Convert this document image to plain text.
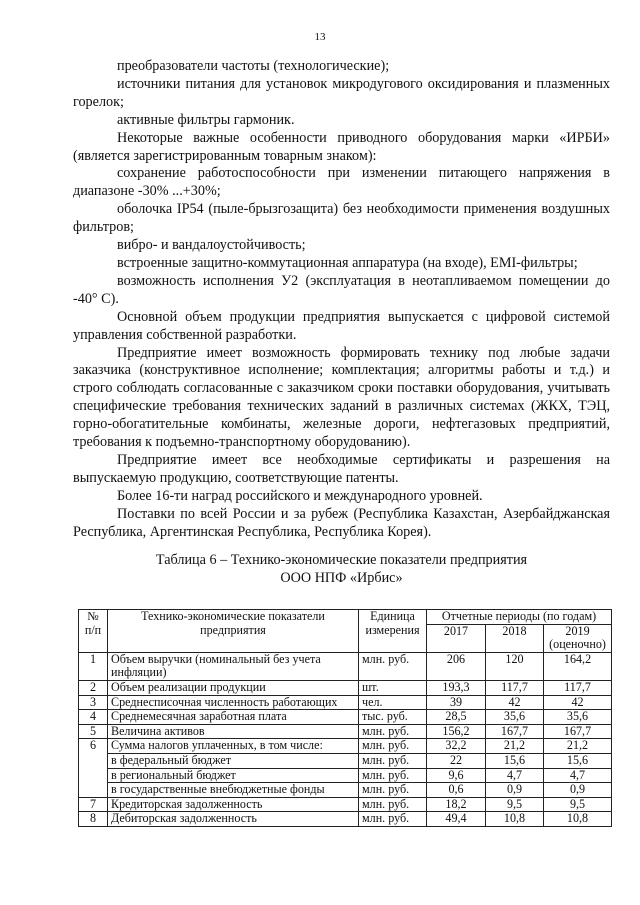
13

преобразователи частоты (технологические);

источники питания для установок микродугового оксидирования и плазменных горелок;

активные фильтры гармоник.

Некоторые важные особенности приводного оборудования марки «ИРБИ» (является зарегистрированным товарным знаком):

сохранение работоспособности при изменении питающего напряжения в диапазоне -30% ...+30%;

оболочка IP54 (пыле-брызгозащита) без необходимости применения воздушных фильтров;

вибро- и вандалоустойчивость;

встроенные защитно-коммутационная аппаратура (на входе), EMI-фильтры;

возможность исполнения У2 (эксплуатация в неотапливаемом помещении до -40° С).

Основной объем продукции предприятия выпускается с цифровой системой управления собственной разработки.

Предприятие имеет возможность формировать технику под любые задачи заказчика (конструктивное исполнение; комплектация; алгоритмы работы и т.д.) и строго соблюдать согласованные с заказчиком сроки поставки оборудования, учитывать специфические требования технических заданий в различных системах (ЖКХ, ТЭЦ, горно-обогатительные комбинаты, железные дороги, нефтегазовых предприятий, требования к подъемно-транспортному оборудованию).

Предприятие имеет все необходимые сертификаты и разрешения на выпускаемую продукцию, соответствующие патенты.

Более 16-ти наград российского и международного уровней.

Поставки по всей России и за рубеж (Республика Казахстан, Азербайджанская Республика, Аргентинская Республика, Республика Корея).

Таблица 6 – Технико-экономические показатели предприятия
ООО НПФ «Ирбис»
№ п/п	Технико-экономические показатели предприятия	Единица измерения	Отчетные периоды (по годам)		
			2017	2018	2019 (оценочно)
1	Объем выручки (номинальный без учета инфляции)	млн. руб.	206	120	164,2
2	Объем реализации продукции	шт.	193,3	117,7	117,7
3	Среднесписочная численность работающих	чел.	39	42	42
4	Среднемесячная заработная плата	тыс. руб.	28,5	35,6	35,6
5	Величина активов	млн. руб.	156,2	167,7	167,7
6	Сумма налогов уплаченных, в том числе:	млн. руб.	32,2	21,2	21,2
	в федеральный бюджет	млн. руб.	22	15,6	15,6
	в региональный бюджет	млн. руб.	9,6	4,7	4,7
	в государственные внебюджетные фонды	млн. руб.	0,6	0,9	0,9
7	Кредиторская задолженность	млн. руб.	18,2	9,5	9,5
8	Дебиторская задолженность	млн. руб.	49,4	10,8	10,8
